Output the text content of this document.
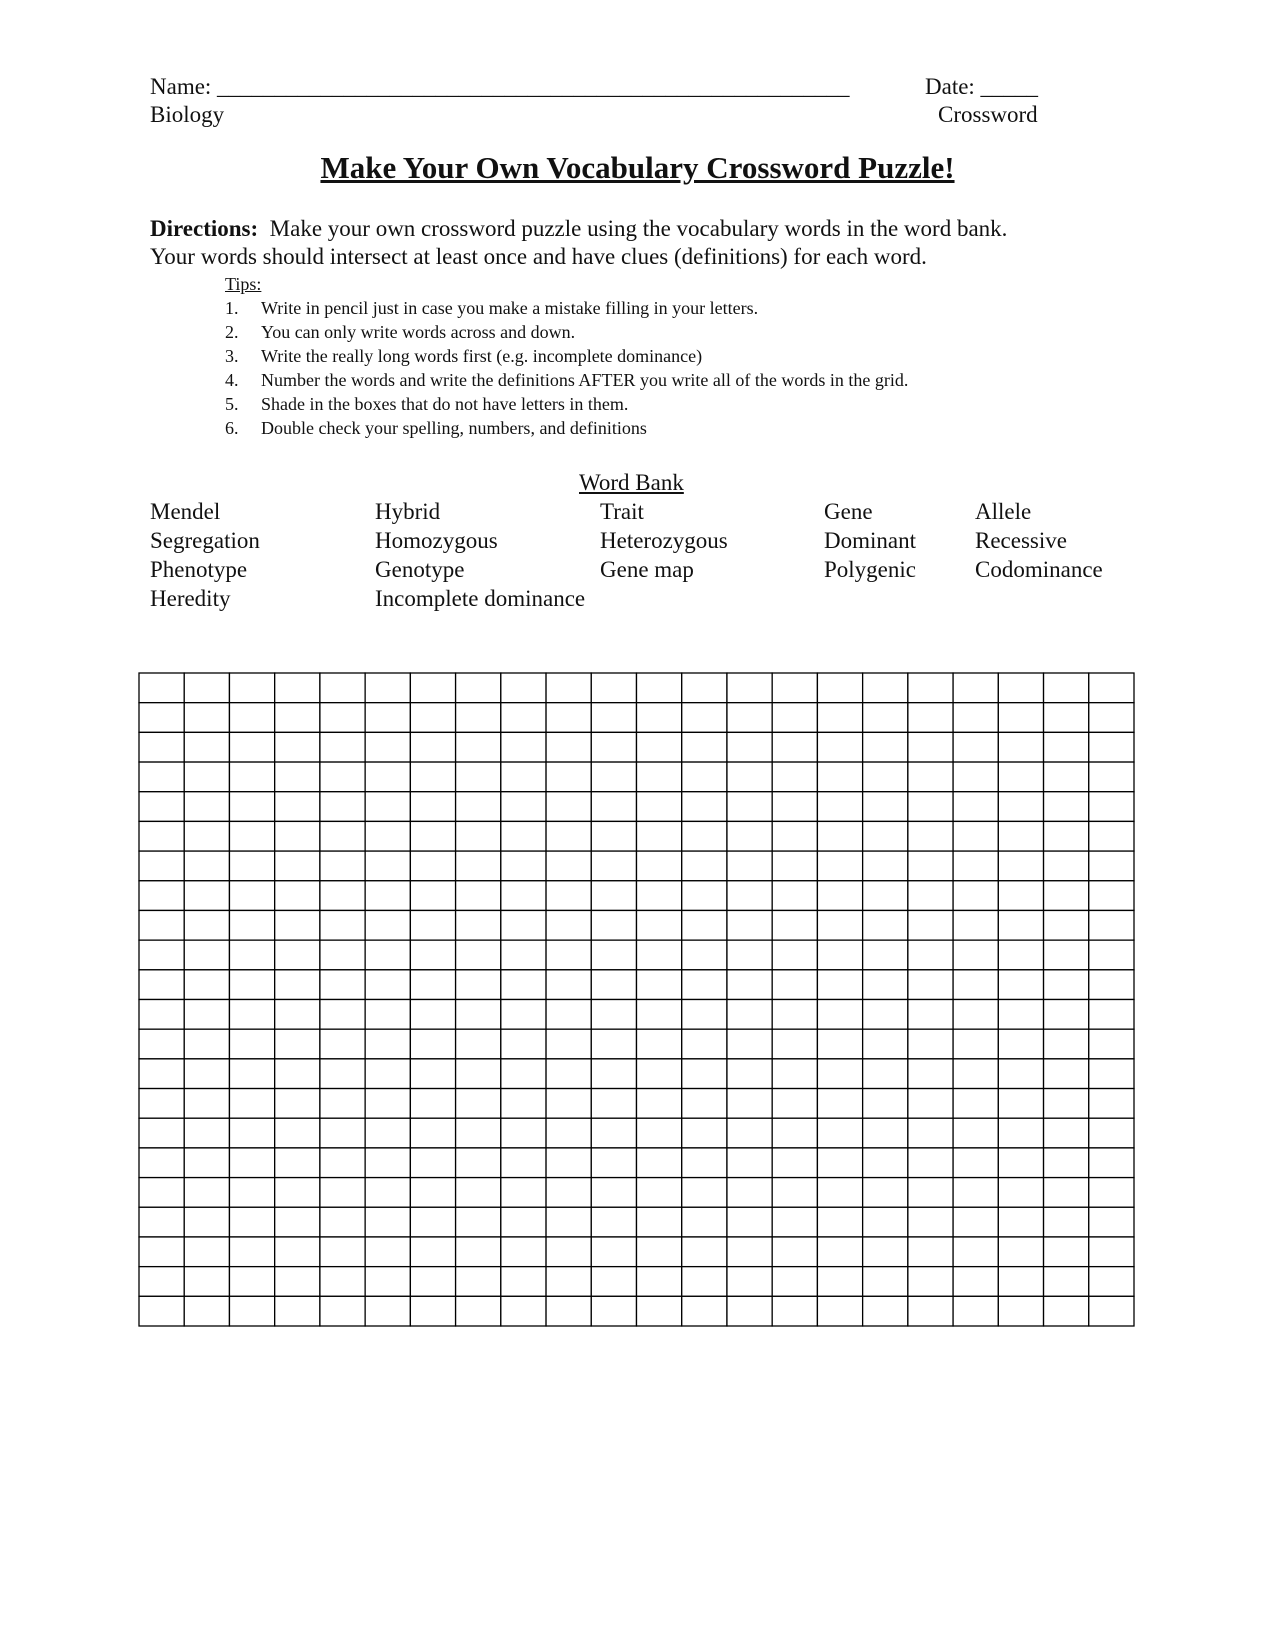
Name: _______________________________________________________	Date: _____
Biology	Crossword
Make Your Own Vocabulary Crossword Puzzle!
Directions:  Make your own crossword puzzle using the vocabulary words in the word bank.
Your words should intersect at least once and have clues (definitions) for each word.
Tips:
1. Write in pencil just in case you make a mistake filling in your letters.
2. You can only write words across and down.
3. Write the really long words first (e.g. incomplete dominance)
4. Number the words and write the definitions AFTER you write all of the words in the grid.
5. Shade in the boxes that do not have letters in them.
6. Double check your spelling, numbers, and definitions
Word Bank
Mendel	Hybrid	Trait	Gene	Allele
Segregation	Homozygous	Heterozygous	Dominant	Recessive
Phenotype	Genotype	Gene map	Polygenic	Codominance
Heredity	Incomplete dominance
